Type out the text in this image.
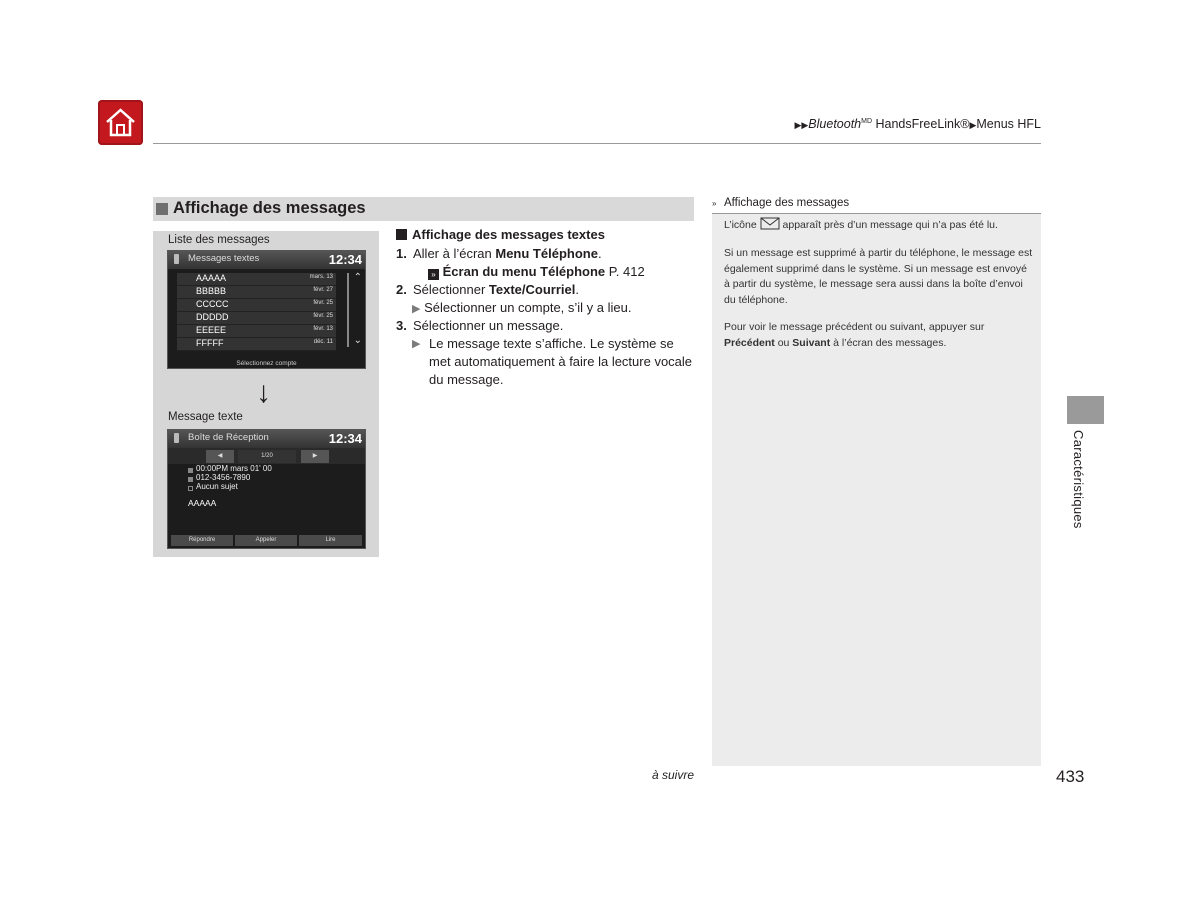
▶▶Bluetooth$^{MD}$ HandsFreeLink®▶Menus HFL
Affichage des messages
Liste des messages
Messages textes	12:34
AAAAA	mars. 13
BBBBB	févr. 27
CCCCC	févr. 25
DDDDD	févr. 25
EEEEE	févr. 13
FFFFF	déc. 11
⌃
⌄
Sélectionnez compte
↓
Message texte
Boîte de Réception	12:34
◀	1/20	▶
00:00PM mars 01' 00
012-3456-7890
Aucun sujet
AAAAA
Répondre	Appeler	Lire
Affichage des messages textes
1. Aller à l’écran Menu Téléphone.
» Écran du menu Téléphone P. 412
2. Sélectionner Texte/Courriel.
▶ Sélectionner un compte, s’il y a lieu.
3. Sélectionner un message.
▶ Le message texte s’affiche. Le système se met automatiquement à faire la lecture vocale du message.
» Affichage des messages
L’icône  apparaît près d’un message qui n’a pas été lu.
Si un message est supprimé à partir du téléphone, le message est également supprimé dans le système. Si un message est envoyé à partir du système, le message sera aussi dans la boîte d’envoi du téléphone.
Pour voir le message précédent ou suivant, appuyer sur Précédent ou Suivant à l’écran des messages.
Caractéristiques
à suivre	433
